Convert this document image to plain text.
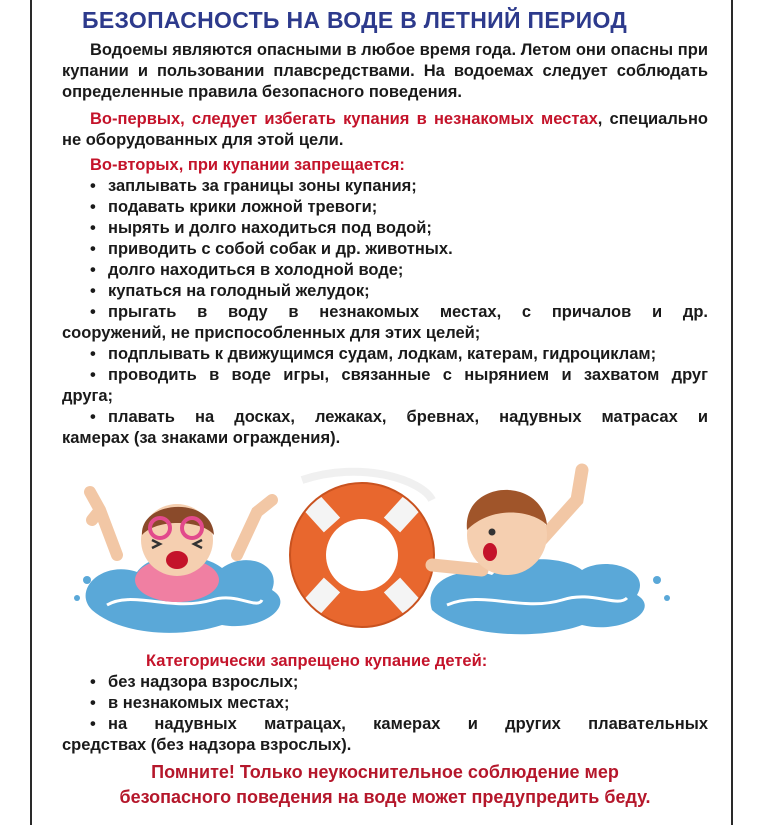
БЕЗОПАСНОСТЬ НА ВОДЕ В ЛЕТНИЙ ПЕРИОД
Водоемы являются опасными в любое время года. Летом они опасны при купании и пользовании плавсредствами. На водоемах следует соблюдать определенные правила безопасного поведения.
Во-первых, следует избегать купания в незнакомых местах, специально не оборудованных для этой цели.
Во-вторых, при купании запрещается:
• заплывать за границы зоны купания;
• подавать крики ложной тревоги;
• нырять и долго находиться под водой;
• приводить с собой собак и др. животных.
• долго находиться в холодной воде;
• купаться на голодный желудок;
• прыгать в воду в незнакомых местах, с причалов и др.
сооружений, не приспособленных для этих целей;
• подплывать к движущимся судам, лодкам, катерам, гидроциклам;
• проводить в воде игры, связанные с нырянием и захватом друг
друга;
• плавать на досках, лежаках, бревнах, надувных матрасах и
камерах (за знаками ограждения).
Категорически запрещено купание детей:
• без надзора взрослых;
• в незнакомых местах;
• на надувных матрацах, камерах и других плавательных
средствах (без надзора взрослых).
Помните! Только неукоснительное соблюдение мер
безопасного поведения на воде может предупредить беду.
